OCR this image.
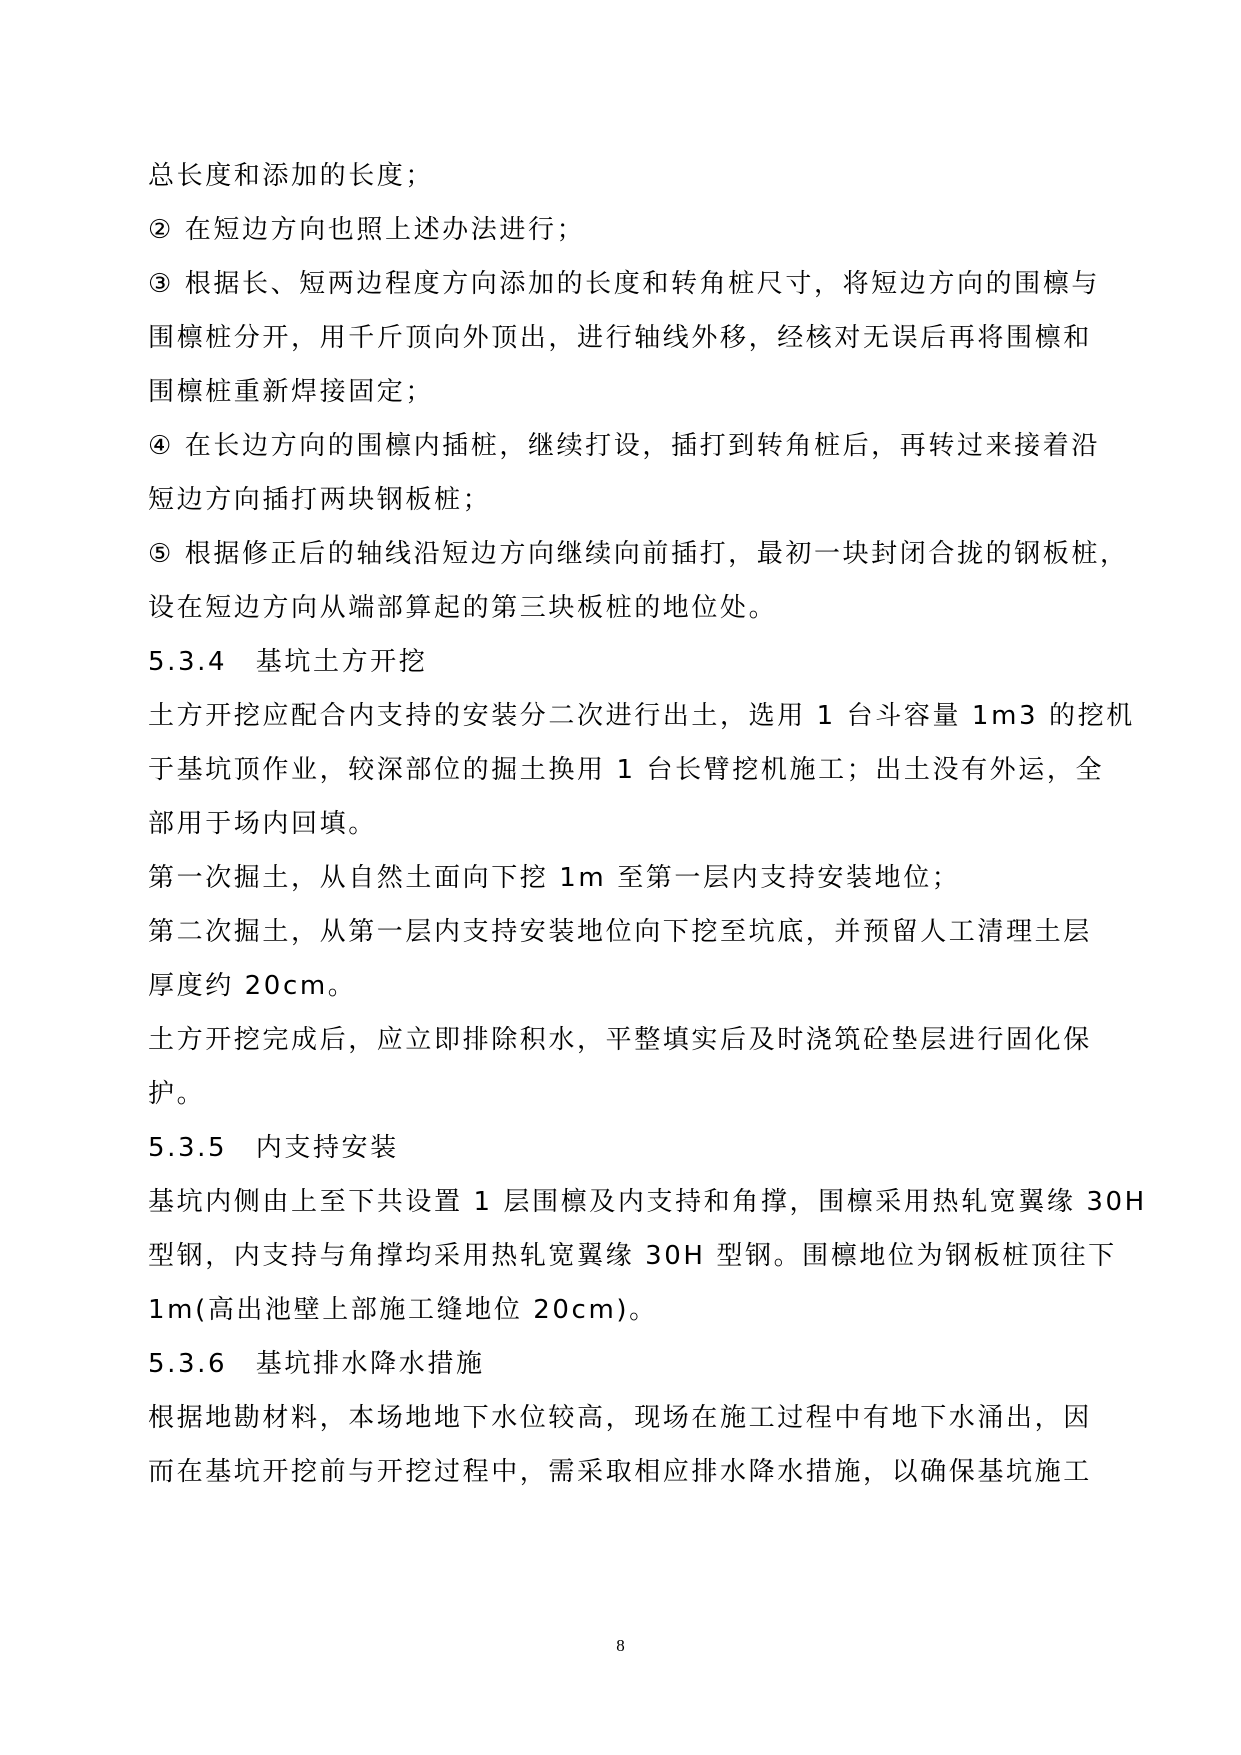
总长度和添加的长度；
② 在短边方向也照上述办法进行；
③ 根据长、短两边程度方向添加的长度和转角桩尺寸，将短边方向的围檩与
围檩桩分开，用千斤顶向外顶出，进行轴线外移，经核对无误后再将围檩和
围檩桩重新焊接固定；
④ 在长边方向的围檩内插桩，继续打设，插打到转角桩后，再转过来接着沿
短边方向插打两块钢板桩；
⑤ 根据修正后的轴线沿短边方向继续向前插打，最初一块封闭合拢的钢板桩，
设在短边方向从端部算起的第三块板桩的地位处。
5.3.4　基坑土方开挖
土方开挖应配合内支持的安装分二次进行出土，选用 1 台斗容量 1m3 的挖机
于基坑顶作业，较深部位的掘土换用 1 台长臂挖机施工；出土没有外运，全
部用于场内回填。
第一次掘土，从自然土面向下挖 1m 至第一层内支持安装地位；
第二次掘土，从第一层内支持安装地位向下挖至坑底，并预留人工清理土层
厚度约 20cm。
土方开挖完成后，应立即排除积水，平整填实后及时浇筑砼垫层进行固化保
护。
5.3.5　内支持安装
基坑内侧由上至下共设置 1 层围檩及内支持和角撑，围檩采用热轧宽翼缘 30H
型钢，内支持与角撑均采用热轧宽翼缘 30H 型钢。围檩地位为钢板桩顶往下
1m(高出池壁上部施工缝地位 20cm)。
5.3.6　基坑排水降水措施
根据地勘材料，本场地地下水位较高，现场在施工过程中有地下水涌出，因
而在基坑开挖前与开挖过程中，需采取相应排水降水措施，以确保基坑施工
8
